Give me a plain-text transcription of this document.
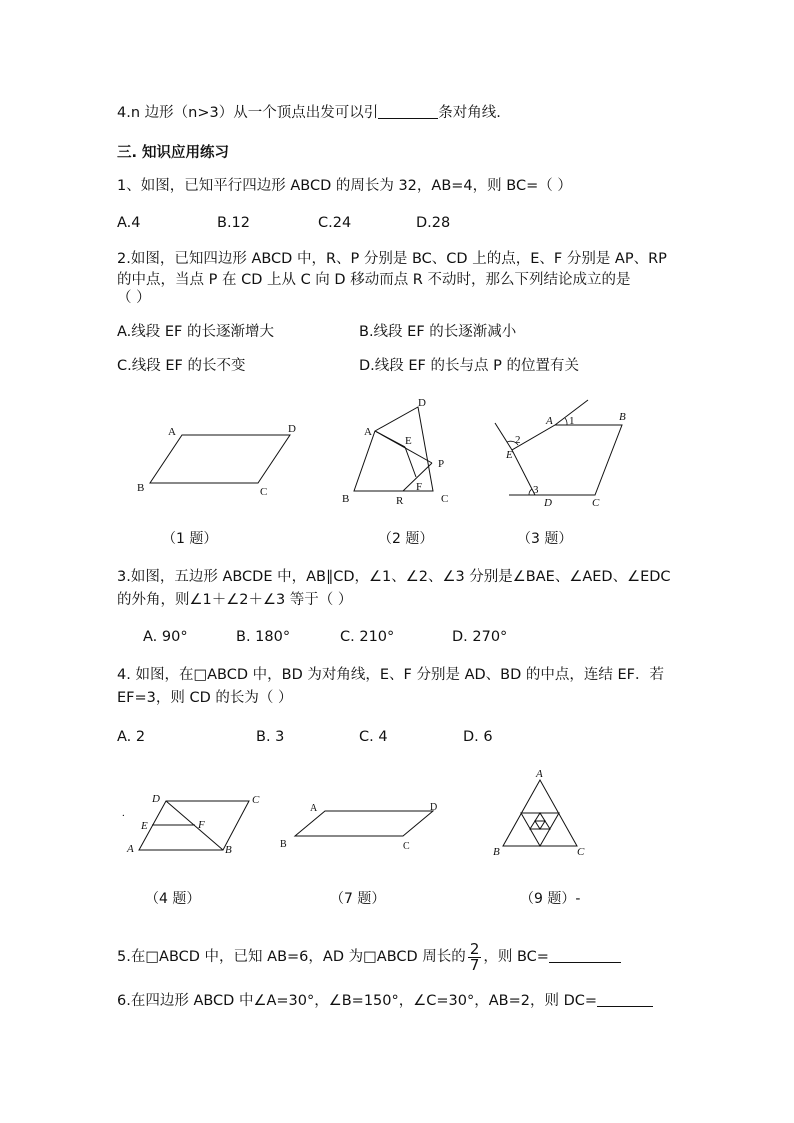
4.n 边形（n>3）从一个顶点出发可以引	条对角线.
三. 知识应用练习
1、如图，已知平行四边形 ABCD 的周长为 32，AB=4，则 BC=（ ）
A.4	B.12	C.24	D.28
2.如图，已知四边形 ABCD 中，R、P 分别是 BC、CD 上的点，E、F 分别是 AP、RP
的中点，当点 P 在 CD 上从 C 向 D 移动而点 R 不动时，那么下列结论成立的是
（ ）
A.线段 EF 的长逐渐增大	B.线段 EF 的长逐渐减小
C.线段 EF 的长不变	D.线段 EF 的长与点 P 的位置有关
A	D
B	C
（1 题）
D
A
E
P
F
B	R	C
（2 题）
A 1	B
2
E
3
D	C
（3 题）
3.如图，五边形 ABCDE 中，AB∥CD，∠1、∠2、∠3 分别是∠BAE、∠AED、∠EDC
的外角，则∠1＋∠2＋∠3 等于（ ）
A. 90°	B. 180°	C. 210°	D. 270°
4. 如图，在□ABCD 中，BD 为对角线，E、F 分别是 AD、BD 的中点，连结 EF．若
EF=3，则 CD 的长为（ ）
A. 2	B. 3	C. 4	D. 6
.
D	C
E	F
A	B
（4 题）
A	D
B	C
（7 题）
A
B	C
（9 题）-
5.在□ABCD 中，已知 AB=6，AD 为□ABCD 周长的 $\frac{2}{7}$ ，则 BC=
6.在四边形 ABCD 中∠A=30°，∠B=150°，∠C=30°，AB=2，则 DC=
